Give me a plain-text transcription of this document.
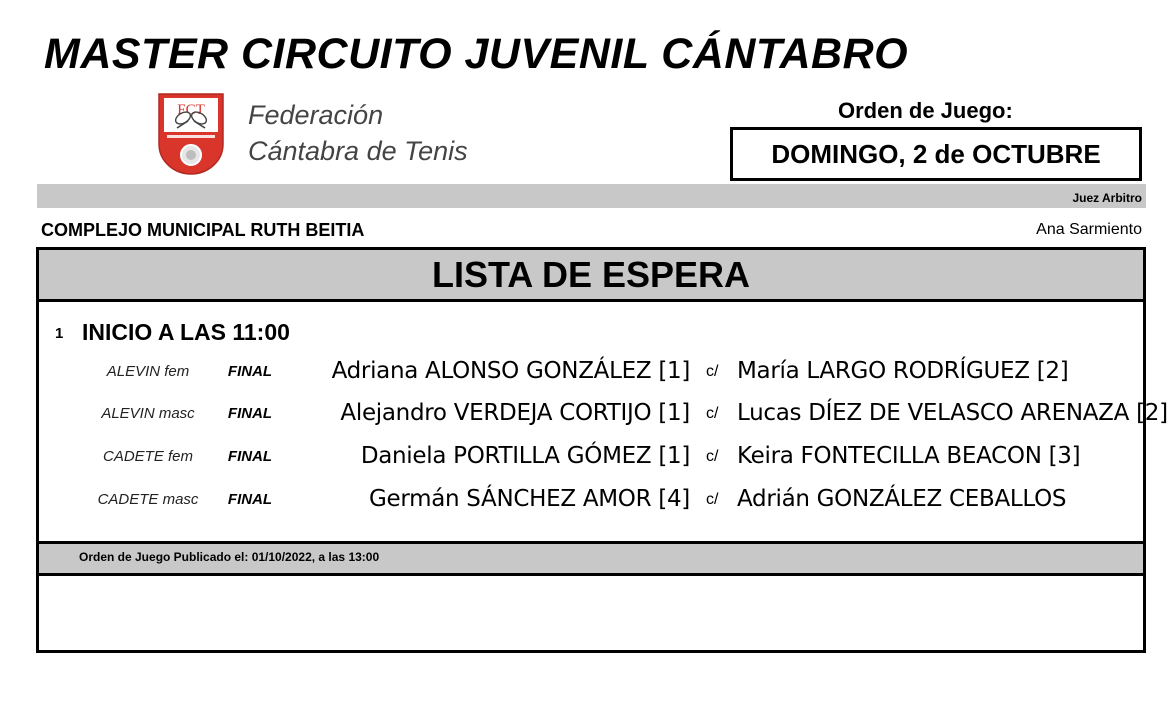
MASTER CIRCUITO JUVENIL CÁNTABRO
FCT Federación
Cántabra de Tenis
Orden de Juego:
DOMINGO, 2 de OCTUBRE
Juez Arbitro
COMPLEJO MUNICIPAL RUTH BEITIA	Ana Sarmiento
LISTA DE ESPERA
1 INICIO A LAS 11:00
ALEVIN fem	FINAL	Adriana ALONSO GONZÁLEZ [1] c/ María LARGO RODRÍGUEZ [2]
ALEVIN masc	FINAL	Alejandro VERDEJA CORTIJO [1] c/ Lucas DÍEZ DE VELASCO ARENAZA [2]
CADETE fem	FINAL	Daniela PORTILLA GÓMEZ [1] c/ Keira FONTECILLA BEACON [3]
CADETE masc	FINAL	Germán SÁNCHEZ AMOR [4] c/ Adrián GONZÁLEZ CEBALLOS
Orden de Juego Publicado el: 01/10/2022, a las 13:00
